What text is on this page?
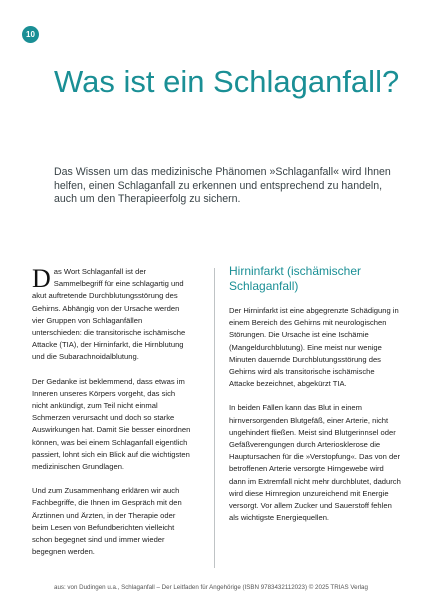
10
Was ist ein Schlaganfall?

Das Wissen um das medizinische Phänomen »Schlaganfall« wird Ihnen helfen, einen Schlaganfall zu erkennen und entsprechend zu handeln, auch um den Therapieerfolg zu sichern.

Das Wort Schlaganfall ist der Sammelbegriff für eine schlagartig und akut auftretende Durchblutungsstörung des Gehirns. Abhängig von der Ursache werden vier Gruppen von Schlaganfällen unterschieden: die transitorische ischämische Attacke (TIA), der Hirninfarkt, die Hirnblutung und die Subarachnoidalblutung.

Der Gedanke ist beklemmend, dass etwas im Inneren unseres Körpers vorgeht, das sich nicht ankündigt, zum Teil nicht einmal Schmerzen verursacht und doch so starke Auswirkungen hat. Damit Sie besser einordnen können, was bei einem Schlaganfall eigentlich passiert, lohnt sich ein Blick auf die wichtigsten medizinischen Grundlagen.

Und zum Zusammenhang erklären wir auch Fachbegriffe, die Ihnen im Gespräch mit den Ärztinnen und Ärzten, in der Therapie oder beim Lesen von Befundberichten vielleicht schon begegnet sind und immer wieder begegnen werden.

Hirninfarkt (ischämischer Schlaganfall)

Der Hirninfarkt ist eine abgegrenzte Schädigung in einem Bereich des Gehirns mit neurologischen Störungen. Die Ursache ist eine Ischämie (Mangeldurchblutung). Eine meist nur wenige Minuten dauernde Durchblutungsstörung des Gehirns wird als transitorische ischämische Attacke bezeichnet, abgekürzt TIA.

In beiden Fällen kann das Blut in einem hirnversorgenden Blutgefäß, einer Arterie, nicht ungehindert fließen. Meist sind Blutgerinnsel oder Gefäßverengungen durch Arteriosklerose die Hauptursachen für die »Verstopfung«. Das von der betroffenen Arterie versorgte Hirngewebe wird dann im Extremfall nicht mehr durchblutet, dadurch wird diese Hirnregion unzureichend mit Energie versorgt. Vor allem Zucker und Sauerstoff fehlen als wichtigste Energiequellen.

aus: von Dudingen u.a., Schlaganfall – Der Leitfaden für Angehörige (ISBN 9783432112023) © 2025 TRIAS Verlag
